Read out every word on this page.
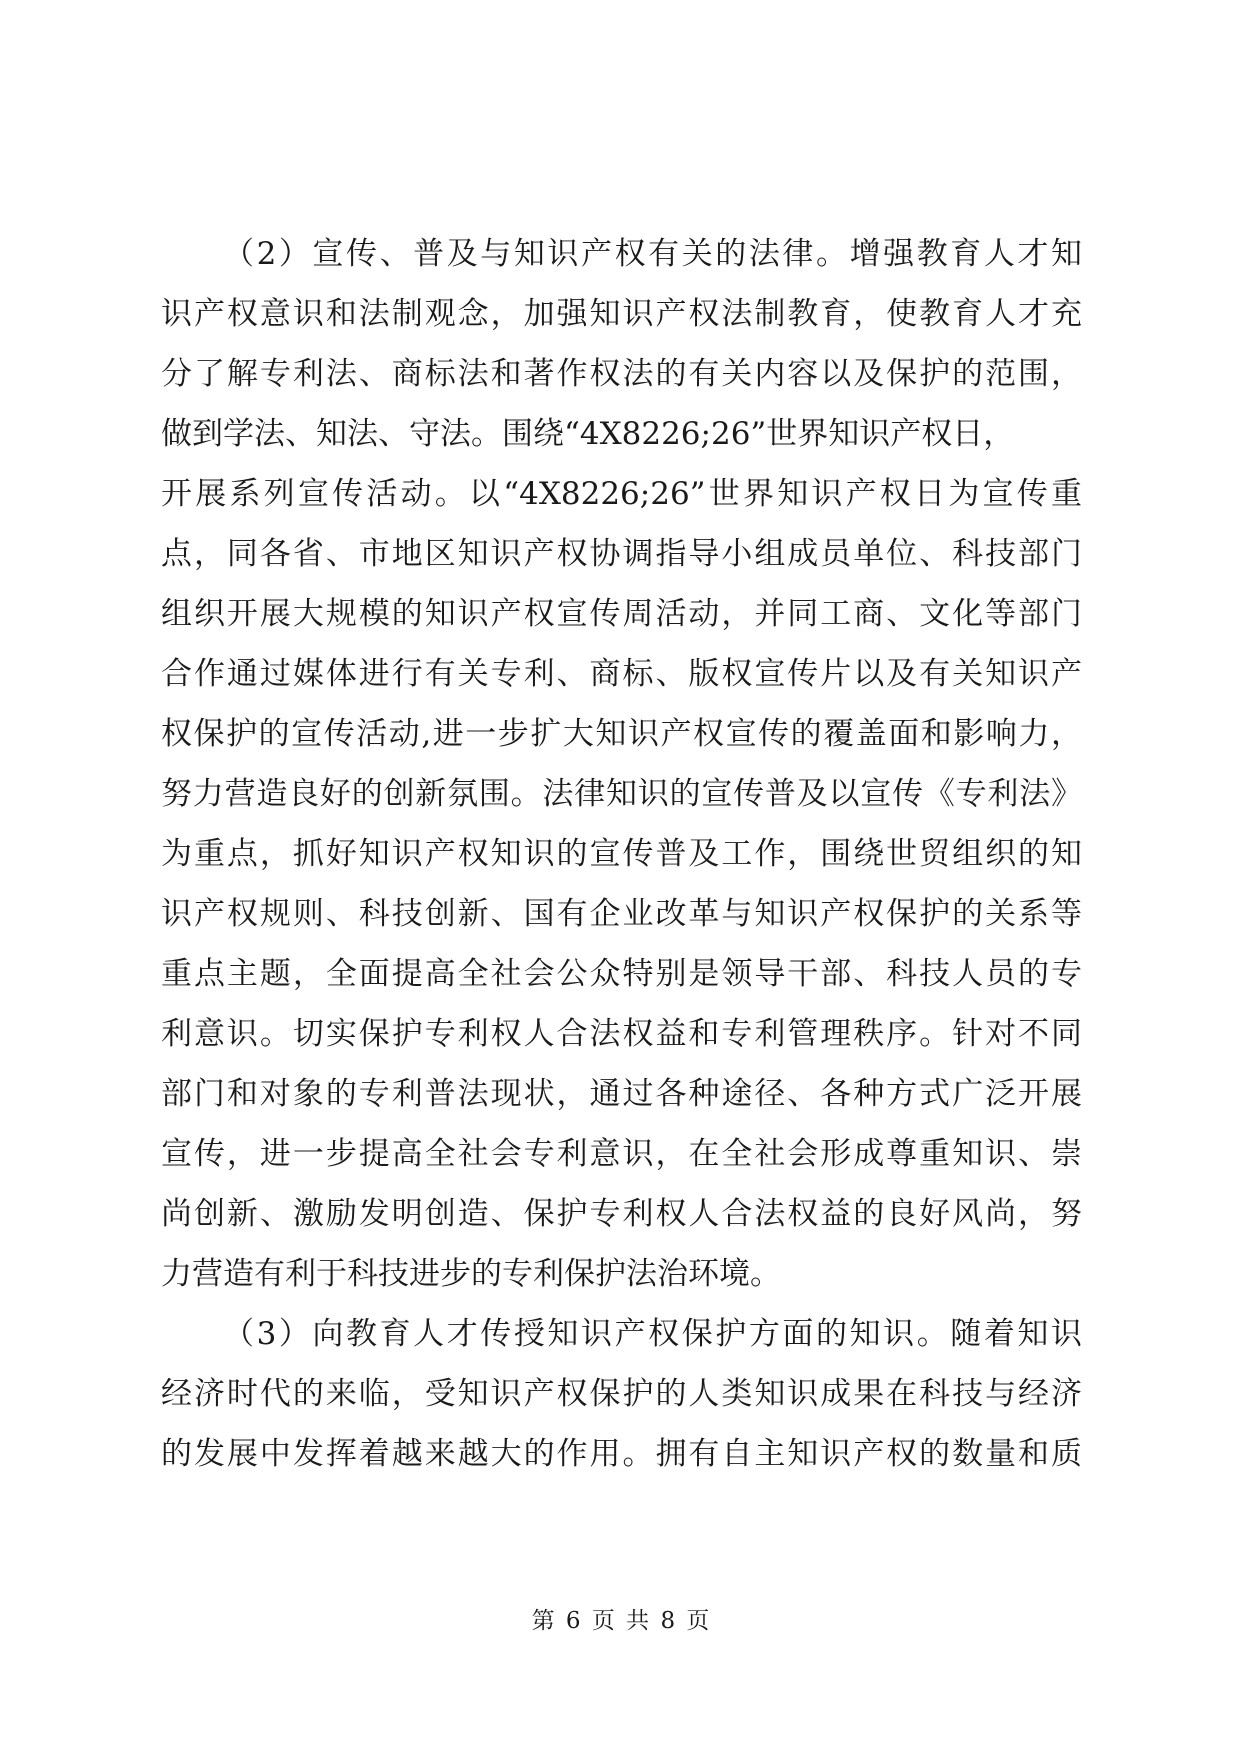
（2）宣传、普及与知识产权有关的法律。增强教育人才知
识产权意识和法制观念，加强知识产权法制教育，使教育人才充
分了解专利法、商标法和著作权法的有关内容以及保护的范围，
做到学法、知法、守法。围绕“4X8226;26”世界知识产权日，
开展系列宣传活动。以“4X8226;26”世界知识产权日为宣传重
点，同各省、市地区知识产权协调指导小组成员单位、科技部门
组织开展大规模的知识产权宣传周活动，并同工商、文化等部门
合作通过媒体进行有关专利、商标、版权宣传片以及有关知识产
权保护的宣传活动,进一步扩大知识产权宣传的覆盖面和影响力，
努力营造良好的创新氛围。法律知识的宣传普及以宣传《专利法》
为重点，抓好知识产权知识的宣传普及工作，围绕世贸组织的知
识产权规则、科技创新、国有企业改革与知识产权保护的关系等
重点主题，全面提高全社会公众特别是领导干部、科技人员的专
利意识。切实保护专利权人合法权益和专利管理秩序。针对不同
部门和对象的专利普法现状，通过各种途径、各种方式广泛开展
宣传，进一步提高全社会专利意识，在全社会形成尊重知识、崇
尚创新、激励发明创造、保护专利权人合法权益的良好风尚，努
力营造有利于科技进步的专利保护法治环境。
（3）向教育人才传授知识产权保护方面的知识。随着知识
经济时代的来临，受知识产权保护的人类知识成果在科技与经济
的发展中发挥着越来越大的作用。拥有自主知识产权的数量和质
第 6 页 共 8 页
